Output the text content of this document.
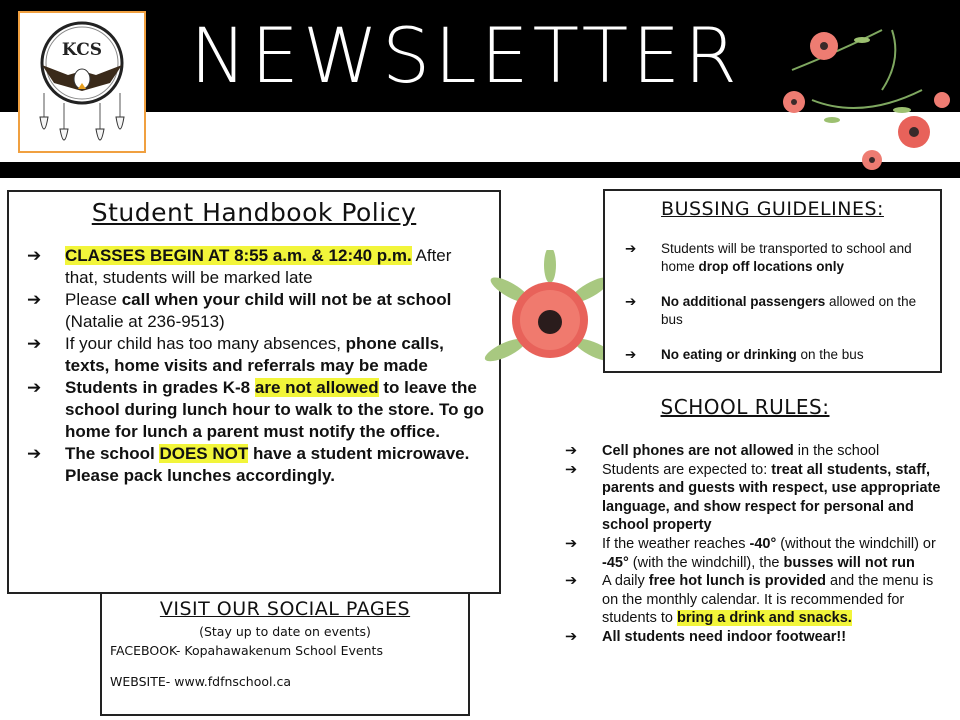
KCS NEWSLETTER
Student Handbook Policy
➔ CLASSES BEGIN AT 8:55 a.m. & 12:40 p.m. After that, students will be marked late
➔ Please call when your child will not be at school (Natalie at 236-9513)
➔ If your child has too many absences, phone calls, texts, home visits and referrals may be made
➔ Students in grades K-8 are not allowed to leave the school during lunch hour to walk to the store. To go home for lunch a parent must notify the office.
➔ The school DOES NOT have a student microwave. Please pack lunches accordingly.
BUSSING GUIDELINES:
➔ Students will be transported to school and home drop off locations only
➔ No additional passengers allowed on the bus
➔ No eating or drinking on the bus
SCHOOL RULES:
➔ Cell phones are not allowed in the school
➔ Students are expected to: treat all students, staff, parents and guests with respect, use appropriate language, and show respect for personal and school property
➔ If the weather reaches -40° (without the windchill) or -45° (with the windchill), the busses will not run
➔ A daily free hot lunch is provided and the menu is on the monthly calendar. It is recommended for students to bring a drink and snacks.
➔ All students need indoor footwear!!
VISIT OUR SOCIAL PAGES
(Stay up to date on events)
FACEBOOK- Kopahawakenum School Events
WEBSITE- www.fdfnschool.ca
